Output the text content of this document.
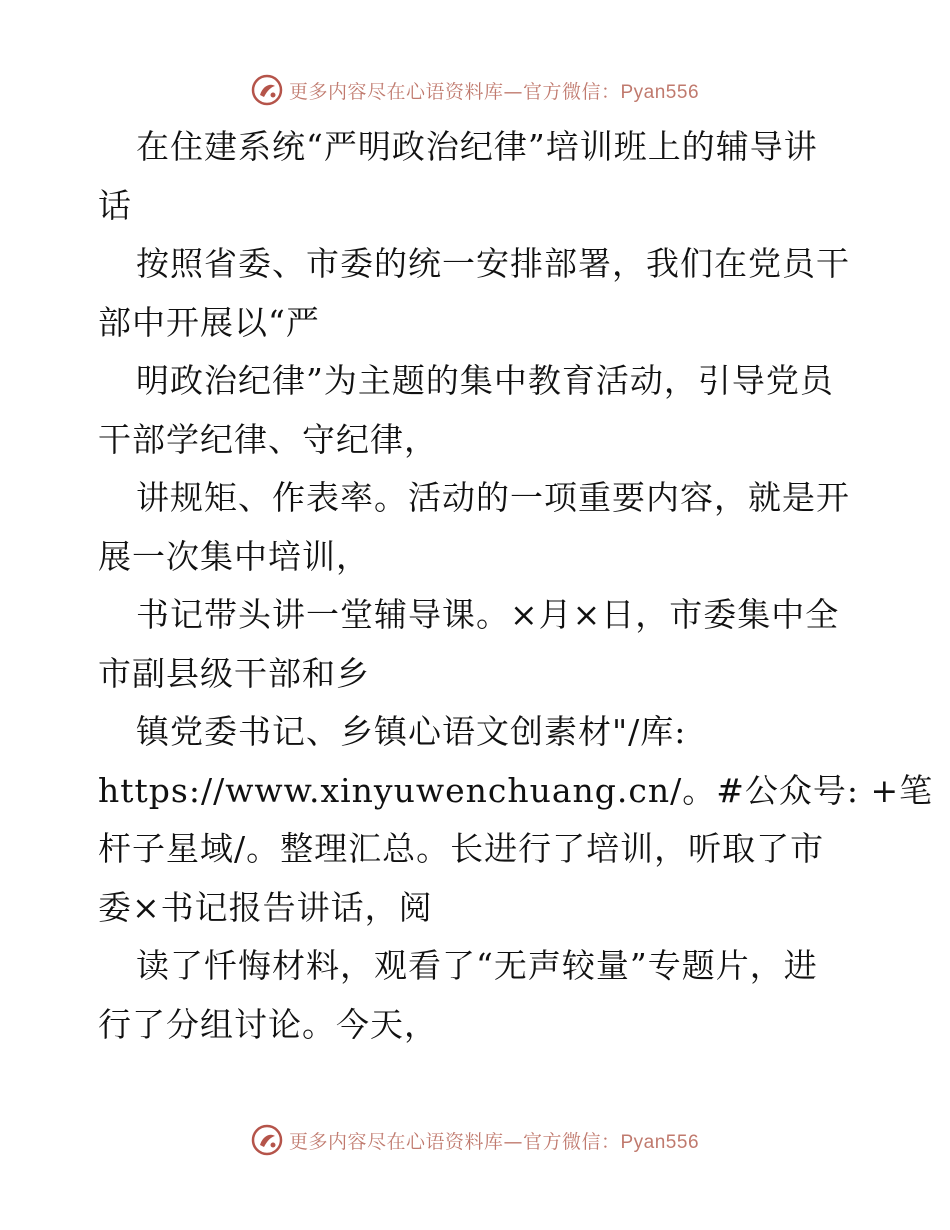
更多内容尽在心语资料库—官方微信：Pyan556
在住建系统“严明政治纪律”培训班上的辅导讲
话
按照省委、市委的统一安排部署，我们在党员干
部中开展以“严
明政治纪律”为主题的集中教育活动，引导党员
干部学纪律、守纪律，
讲规矩、作表率。活动的一项重要内容，就是开
展一次集中培训，
书记带头讲一堂辅导课。×月×日，市委集中全
市副县级干部和乡
镇党委书记、乡镇心语文创素材"/库:
https://www.xinyuwenchuang.cn/。#公众号: +笔
杆子星域/。整理汇总。长进行了培训，听取了市
委×书记报告讲话，阅
读了忏悔材料，观看了“无声较量”专题片，进
行了分组讨论。今天，
更多内容尽在心语资料库—官方微信：Pyan556
